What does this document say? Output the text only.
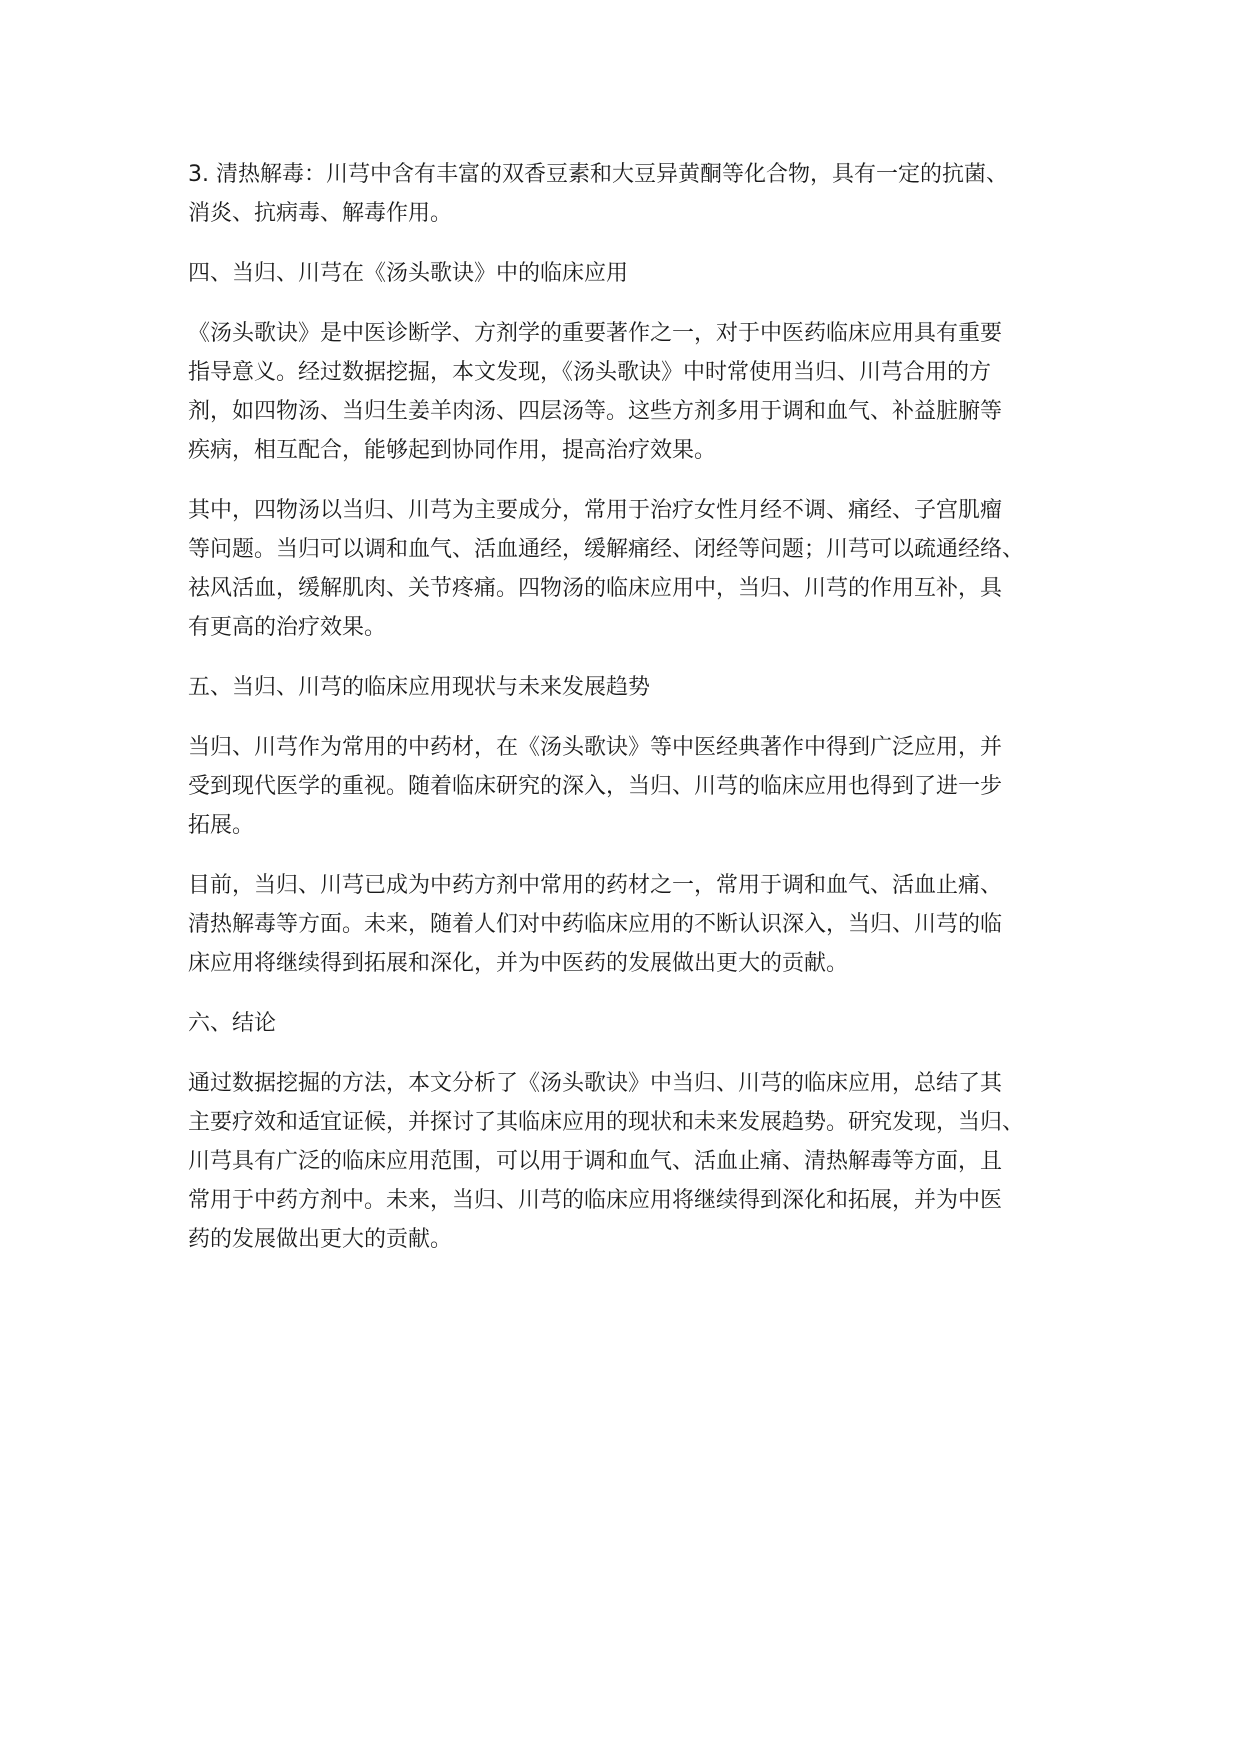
3. 清热解毒：川芎中含有丰富的双香豆素和大豆异黄酮等化合物，具有一定的抗菌、
消炎、抗病毒、解毒作用。

四、当归、川芎在《汤头歌诀》中的临床应用

《汤头歌诀》是中医诊断学、方剂学的重要著作之一，对于中医药临床应用具有重要
指导意义。经过数据挖掘，本文发现，《汤头歌诀》中时常使用当归、川芎合用的方
剂，如四物汤、当归生姜羊肉汤、四层汤等。这些方剂多用于调和血气、补益脏腑等
疾病，相互配合，能够起到协同作用，提高治疗效果。

其中，四物汤以当归、川芎为主要成分，常用于治疗女性月经不调、痛经、子宫肌瘤
等问题。当归可以调和血气、活血通经，缓解痛经、闭经等问题；川芎可以疏通经络、
祛风活血，缓解肌肉、关节疼痛。四物汤的临床应用中，当归、川芎的作用互补，具
有更高的治疗效果。

五、当归、川芎的临床应用现状与未来发展趋势

当归、川芎作为常用的中药材，在《汤头歌诀》等中医经典著作中得到广泛应用，并
受到现代医学的重视。随着临床研究的深入，当归、川芎的临床应用也得到了进一步
拓展。

目前，当归、川芎已成为中药方剂中常用的药材之一，常用于调和血气、活血止痛、
清热解毒等方面。未来，随着人们对中药临床应用的不断认识深入，当归、川芎的临
床应用将继续得到拓展和深化，并为中医药的发展做出更大的贡献。

六、结论

通过数据挖掘的方法，本文分析了《汤头歌诀》中当归、川芎的临床应用，总结了其
主要疗效和适宜证候，并探讨了其临床应用的现状和未来发展趋势。研究发现，当归、
川芎具有广泛的临床应用范围，可以用于调和血气、活血止痛、清热解毒等方面，且
常用于中药方剂中。未来，当归、川芎的临床应用将继续得到深化和拓展，并为中医
药的发展做出更大的贡献。
